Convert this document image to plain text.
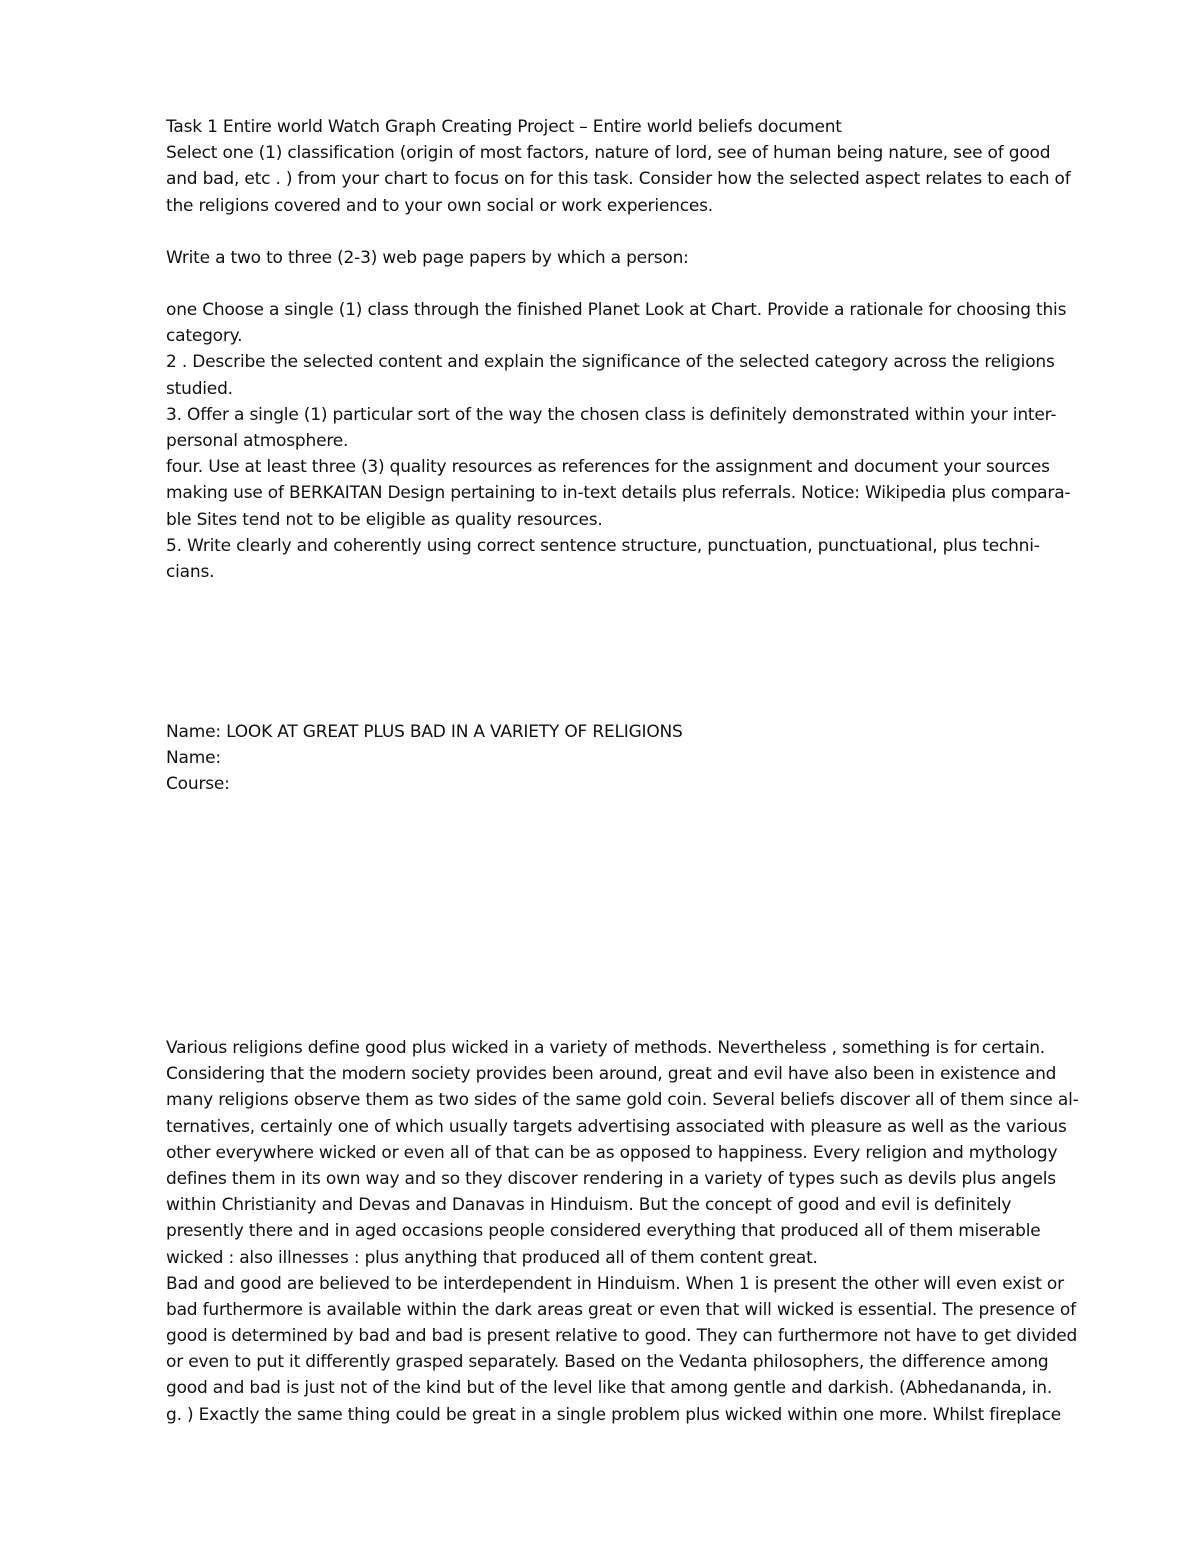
Task 1 Entire world Watch Graph Creating Project – Entire world beliefs document
Select one (1) classification (origin of most factors, nature of lord, see of human being nature, see of good
and bad, etc . ) from your chart to focus on for this task. Consider how the selected aspect relates to each of
the religions covered and to your own social or work experiences.
Write a two to three (2-3) web page papers by which a person:
one Choose a single (1) class through the finished Planet Look at Chart. Provide a rationale for choosing this
category.
2 . Describe the selected content and explain the significance of the selected category across the religions
studied.
3. Offer a single (1) particular sort of the way the chosen class is definitely demonstrated within your inter-
personal atmosphere.
four. Use at least three (3) quality resources as references for the assignment and document your sources
making use of BERKAITAN Design pertaining to in-text details plus referrals. Notice: Wikipedia plus compara-
ble Sites tend not to be eligible as quality resources.
5. Write clearly and coherently using correct sentence structure, punctuation, punctuational, plus techni-
cians.
Name: LOOK AT GREAT PLUS BAD IN A VARIETY OF RELIGIONS
Name:
Course:
Various religions define good plus wicked in a variety of methods. Nevertheless , something is for certain.
Considering that the modern society provides been around, great and evil have also been in existence and
many religions observe them as two sides of the same gold coin. Several beliefs discover all of them since al-
ternatives, certainly one of which usually targets advertising associated with pleasure as well as the various
other everywhere wicked or even all of that can be as opposed to happiness. Every religion and mythology
defines them in its own way and so they discover rendering in a variety of types such as devils plus angels
within Christianity and Devas and Danavas in Hinduism. But the concept of good and evil is definitely
presently there and in aged occasions people considered everything that produced all of them miserable
wicked : also illnesses : plus anything that produced all of them content great.
Bad and good are believed to be interdependent in Hinduism. When 1 is present the other will even exist or
bad furthermore is available within the dark areas great or even that will wicked is essential. The presence of
good is determined by bad and bad is present relative to good. They can furthermore not have to get divided
or even to put it differently grasped separately. Based on the Vedanta philosophers, the difference among
good and bad is just not of the kind but of the level like that among gentle and darkish. (Abhedananda, in.
g. ) Exactly the same thing could be great in a single problem plus wicked within one more. Whilst fireplace
